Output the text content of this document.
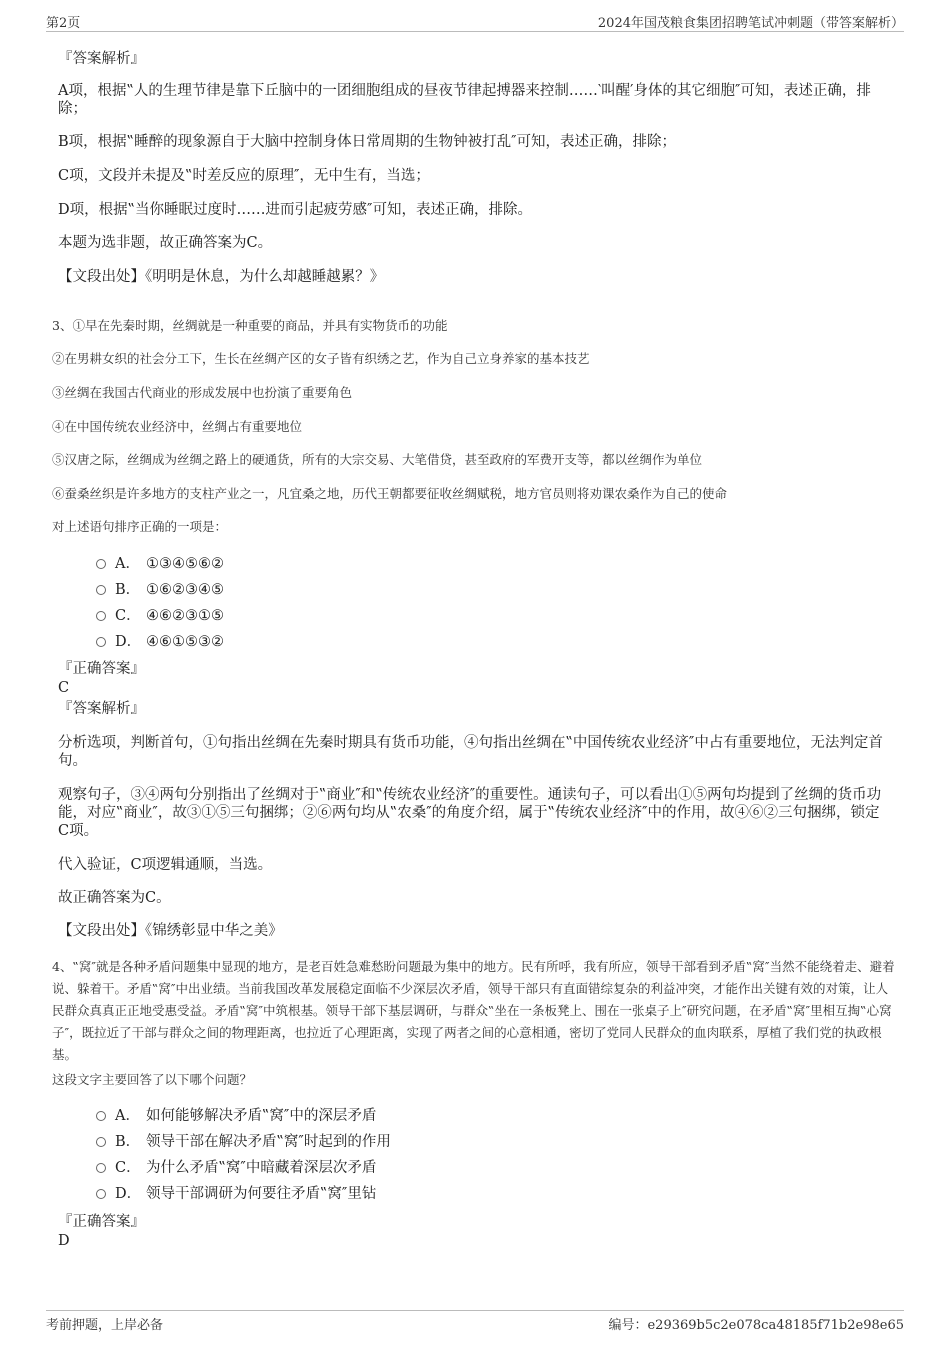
第2页	2024年国茂粮食集团招聘笔试冲刺题（带答案解析）
『答案解析』
A项，根据‟人的生理节律是靠下丘脑中的一团细胞组成的昼夜节律起搏器来控制……‵叫醒′身体的其它细胞″可知，表述正确，排除；
B项，根据‟睡醉的现象源自于大脑中控制身体日常周期的生物钟被打乱″可知，表述正确，排除；
C项，文段并未提及‟时差反应的原理″，无中生有，当选；
D项，根据‟当你睡眠过度时……进而引起疲劳感″可知，表述正确，排除。
本题为选非题，故正确答案为C。
【文段出处】《明明是休息，为什么却越睡越累？》
3、①早在先秦时期，丝绸就是一种重要的商品，并具有实物货币的功能
②在男耕女织的社会分工下，生长在丝绸产区的女子皆有织绣之艺，作为自己立身养家的基本技艺
③丝绸在我国古代商业的形成发展中也扮演了重要角色
④在中国传统农业经济中，丝绸占有重要地位
⑤汉唐之际，丝绸成为丝绸之路上的硬通货，所有的大宗交易、大笔借贷，甚至政府的军费开支等，都以丝绸作为单位
⑥蚕桑丝织是许多地方的支柱产业之一，凡宜桑之地，历代王朝都要征收丝绸赋税，地方官员则将劝课农桑作为自己的使命
对上述语句排序正确的一项是：
A． ①③④⑤⑥②
B． ①⑥②③④⑤
C． ④⑥②③①⑤
D． ④⑥①⑤③②
『正确答案』
C
『答案解析』
分析选项，判断首句，①句指出丝绸在先秦时期具有货币功能，④句指出丝绸在‟中国传统农业经济″中占有重要地位，无法判定首句。
观察句子，③④两句分别指出了丝绸对于‟商业″和‟传统农业经济″的重要性。通读句子，可以看出①⑤两句均提到了丝绸的货币功能，对应‟商业″，故③①⑤三句捆绑；②⑥两句均从‟农桑″的角度介绍，属于‟传统农业经济″中的作用，故④⑥②三句捆绑，锁定C项。
代入验证，C项逻辑通顺，当选。
故正确答案为C。
【文段出处】《锦绣彰显中华之美》
4、‟窝″就是各种矛盾问题集中显现的地方，是老百姓急难愁盼问题最为集中的地方。民有所呼，我有所应，领导干部看到矛盾‟窝″当然不能绕着走、避着说、躲着干。矛盾‟窝″中出业绩。当前我国改革发展稳定面临不少深层次矛盾，领导干部只有直面错综复杂的利益冲突，才能作出关键有效的对策，让人民群众真真正正地受惠受益。矛盾‟窝″中筑根基。领导干部下基层调研，与群众‟坐在一条板凳上、围在一张桌子上″研究问题，在矛盾‟窝″里相互掏‟心窝子″，既拉近了干部与群众之间的物理距离，也拉近了心理距离，实现了两者之间的心意相通，密切了党同人民群众的血肉联系，厚植了我们党的执政根基。
这段文字主要回答了以下哪个问题？
A． 如何能够解决矛盾‟窝″中的深层矛盾
B． 领导干部在解决矛盾‟窝″时起到的作用
C． 为什么矛盾‟窝″中暗藏着深层次矛盾
D． 领导干部调研为何要往矛盾‟窝″里钻
『正确答案』
D
考前押题，上岸必备	编号：e29369b5c2e078ca48185f71b2e98e65
